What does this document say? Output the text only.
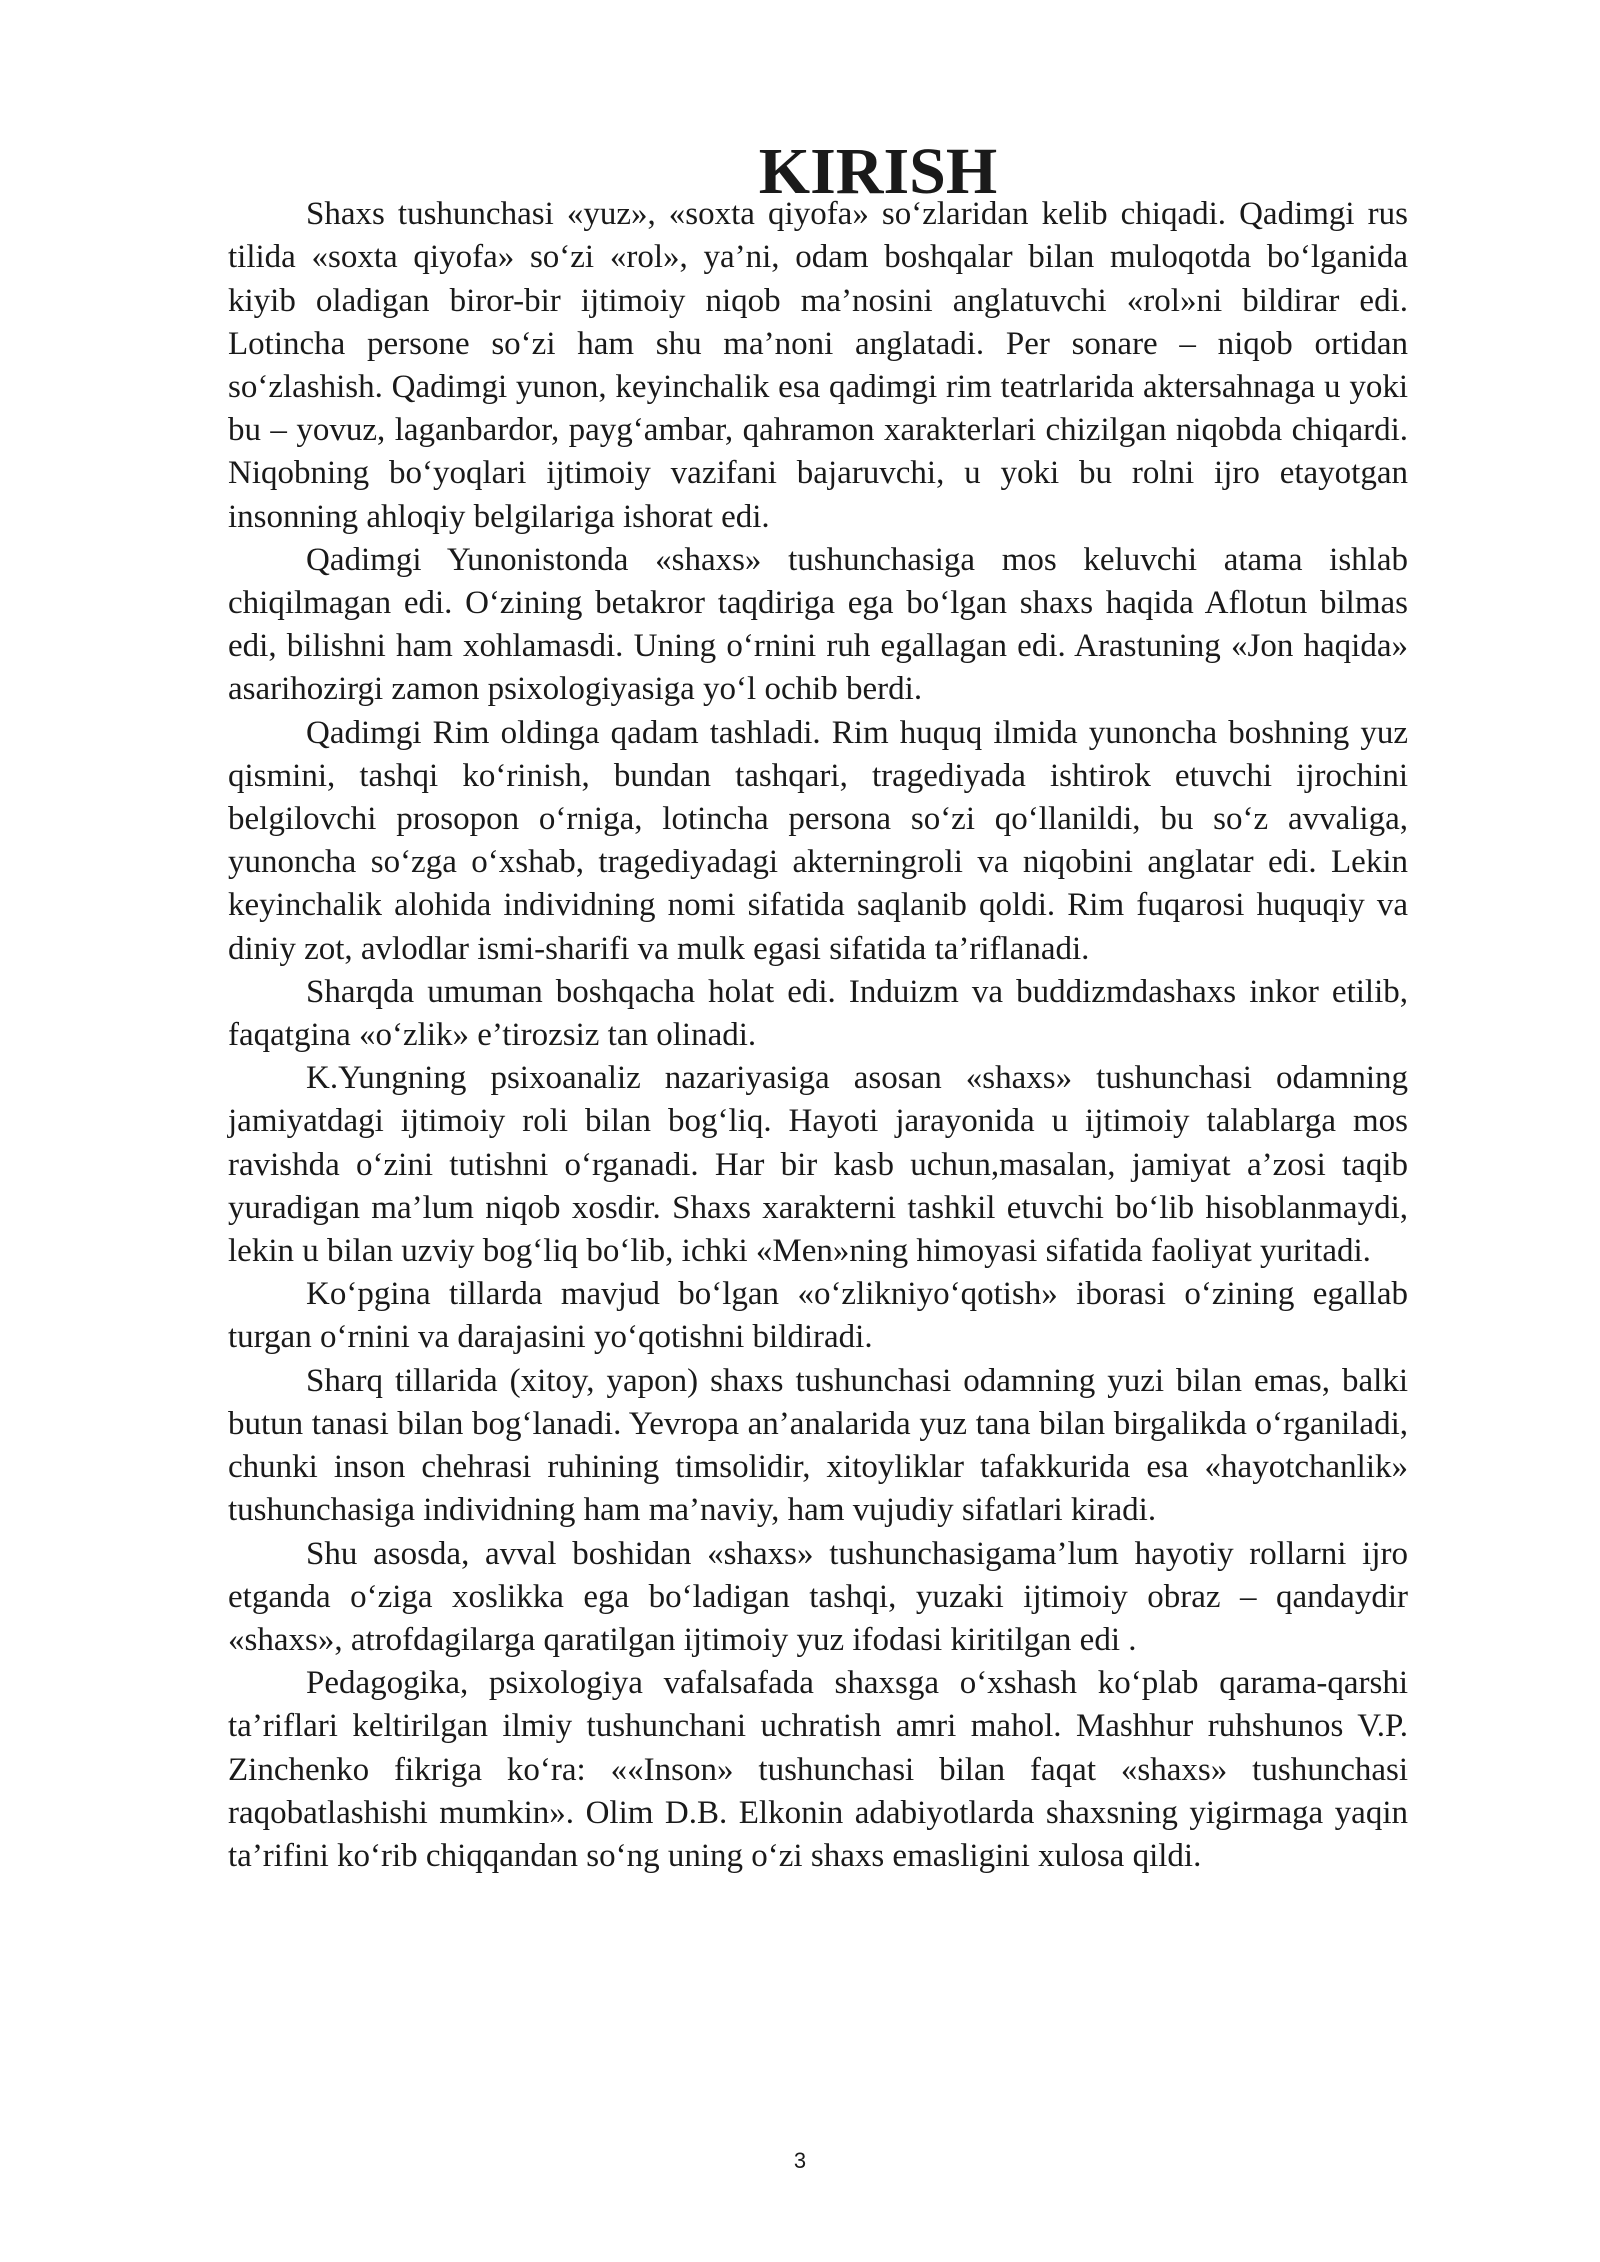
KIRISH

Shaxs tushunchasi «yuz», «soxta qiyofa» so‘zlaridan kelib chiqadi. Qadimgi rus tilida «soxta qiyofa» so‘zi «rol», ya’ni, odam boshqalar bilan muloqotda bo‘lganida kiyib oladigan biror-bir ijtimoiy niqob ma’nosini anglatuvchi «rol»ni bildirar edi. Lotincha persone so‘zi ham shu ma’noni anglatadi. Per sonare – niqob ortidan so‘zlashish. Qadimgi yunon, keyinchalik esa qadimgi rim teatrlarida aktersahnaga u yoki bu – yovuz, laganbardor, payg‘ambar, qahramon xarakterlari chizilgan niqobda chiqardi. Niqobning bo‘yoqlari ijtimoiy vazifani bajaruvchi, u yoki bu rolni ijro etayotgan insonning ahloqiy belgilariga ishorat edi.

Qadimgi Yunonistonda «shaxs» tushunchasiga mos keluvchi atama ishlab chiqilmagan edi. O‘zining betakror taqdiriga ega bo‘lgan shaxs haqida Aflotun bilmas edi, bilishni ham xohlamasdi. Uning o‘rnini ruh egallagan edi. Arastuning «Jon haqida» asarihozirgi zamon psixologiyasiga yo‘l ochib berdi.

Qadimgi Rim oldinga qadam tashladi. Rim huquq ilmida yunoncha boshning yuz qismini, tashqi ko‘rinish, bundan tashqari, tragediyada ishtirok etuvchi ijrochini belgilovchi prosopon o‘rniga, lotincha persona so‘zi qo‘llanildi, bu so‘z avvaliga, yunoncha so‘zga o‘xshab, tragediyadagi akterningroli va niqobini anglatar edi. Lekin keyinchalik alohida individning nomi sifatida saqlanib qoldi. Rim fuqarosi huquqiy va diniy zot, avlodlar ismi-sharifi va mulk egasi sifatida ta’riflanadi.

Sharqda umuman boshqacha holat edi. Induizm va buddizmdashaxs inkor etilib, faqatgina «o‘zlik» e’tirozsiz tan olinadi.

K.Yungning psixoanaliz nazariyasiga asosan «shaxs» tushunchasi odamning jamiyatdagi ijtimoiy roli bilan bog‘liq. Hayoti jarayonida u ijtimoiy talablarga mos ravishda o‘zini tutishni o‘rganadi. Har bir kasb uchun,masalan, jamiyat a’zosi taqib yuradigan ma’lum niqob xosdir. Shaxs xarakterni tashkil etuvchi bo‘lib hisoblanmaydi, lekin u bilan uzviy bog‘liq bo‘lib, ichki «Men»ning himoyasi sifatida faoliyat yuritadi.

Ko‘pgina tillarda mavjud bo‘lgan «o‘zlikniyo‘qotish» iborasi o‘zining egallab turgan o‘rnini va darajasini yo‘qotishni bildiradi.

Sharq tillarida (xitoy, yapon) shaxs tushunchasi odamning yuzi bilan emas, balki butun tanasi bilan bog‘lanadi. Yevropa an’analarida yuz tana bilan birgalikda o‘rganiladi, chunki inson chehrasi ruhining timsolidir, xitoyliklar tafakkurida esa «hayotchanlik» tushunchasiga individning ham ma’naviy, ham vujudiy sifatlari kiradi.

Shu asosda, avval boshidan «shaxs» tushunchasigama’lum hayotiy rollarni ijro etganda o‘ziga xoslikka ega bo‘ladigan tashqi, yuzaki ijtimoiy obraz – qandaydir «shaxs», atrofdagilarga qaratilgan ijtimoiy yuz ifodasi kiritilgan edi .

Pedagogika, psixologiya vafalsafada shaxsga o‘xshash ko‘plab qarama-qarshi ta’riflari keltirilgan ilmiy tushunchani uchratish amri mahol. Mashhur ruhshunos V.P. Zinchenko fikriga ko‘ra: ««Inson» tushunchasi bilan faqat «shaxs» tushunchasi raqobatlashishi mumkin». Olim D.B. Elkonin adabiyotlarda shaxsning yigirmaga yaqin ta’rifini ko‘rib chiqqandan so‘ng uning o‘zi shaxs emasligini xulosa qildi.

3
